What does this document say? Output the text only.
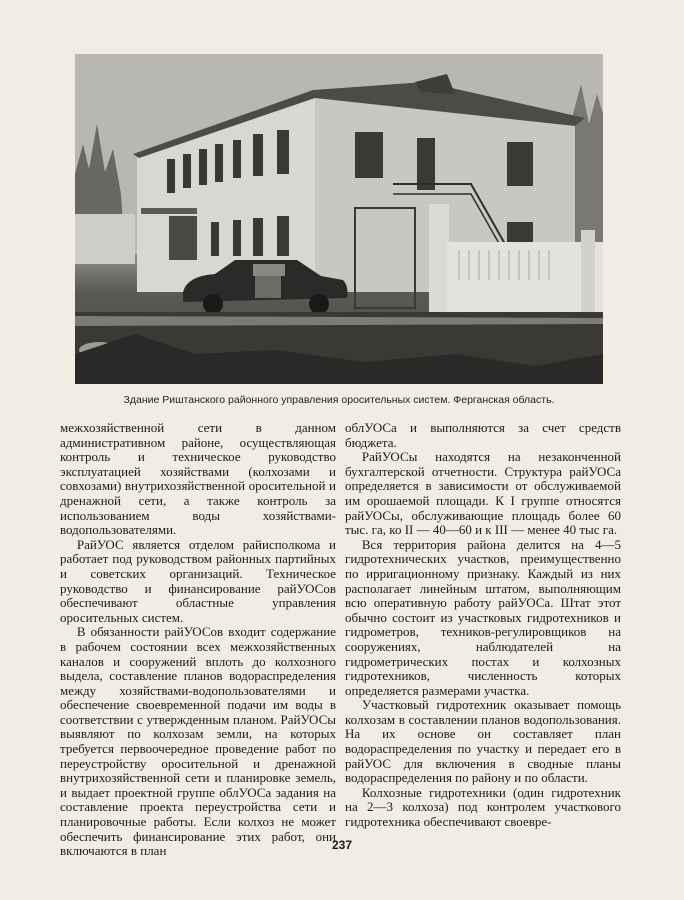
Здание Риштанского районного управления оросительных систем. Ферганская область.

межхозяйственной сети в данном административном районе, осуществляющая контроль и техническое руководство эксплуатацией хозяйствами (колхозами и совхозами) внутрихозяйственной оросительной и дренажной сети, а также контроль за использованием воды хозяйствами-водопользователями.

РайУОС является отделом райисполкома и работает под руководством районных партийных и советских организаций. Техническое руководство и финансирование райУОСов обеспечивают областные управления оросительных систем.

В обязанности райУОСов входит содержание в рабочем состоянии всех межхозяйственных каналов и сооружений вплоть до колхозного выдела, составление планов водораспределения между хозяйствами-водопользователями и обеспечение своевременной подачи им воды в соответствии с утвержденным планом. РайУОСы выявляют по колхозам земли, на которых требуется первоочередное проведение работ по переустройству оросительной и дренажной внутрихозяйственной сети и планировке земель, и выдает проектной группе облУОСа задания на составление проекта переустройства сети и планировочные работы. Если колхоз не может обеспечить финансирование этих работ, они включаются в план

облУОСа и выполняются за счет средств бюджета.

РайУОСы находятся на незаконченной бухгалтерской отчетности. Структура райУОСа определяется в зависимости от обслуживаемой им орошаемой площади. К I группе относятся райУОСы, обслуживающие площадь более 60 тыс. га, ко II — 40—60 и к III — менее 40 тыс га.

Вся территория района делится на 4—5 гидротехнических участков, преимущественно по ирригационному признаку. Каждый из них располагает линейным штатом, выполняющим всю оперативную работу райУОСа. Штат этот обычно состоит из участковых гидротехников и гидрометров, техников-регулировщиков на сооружениях, наблюдателей на гидрометрических постах и колхозных гидротехников, численность которых определяется размерами участка.

Участковый гидротехник оказывает помощь колхозам в составлении планов водопользования. На их основе он составляет план водораспределения по участку и передает его в райУОС для включения в сводные планы водораспределения по району и по области.

Колхозные гидротехники (один гидротехник на 2—3 колхоза) под контролем участкового гидротехника обеспечивают своевре-

237
